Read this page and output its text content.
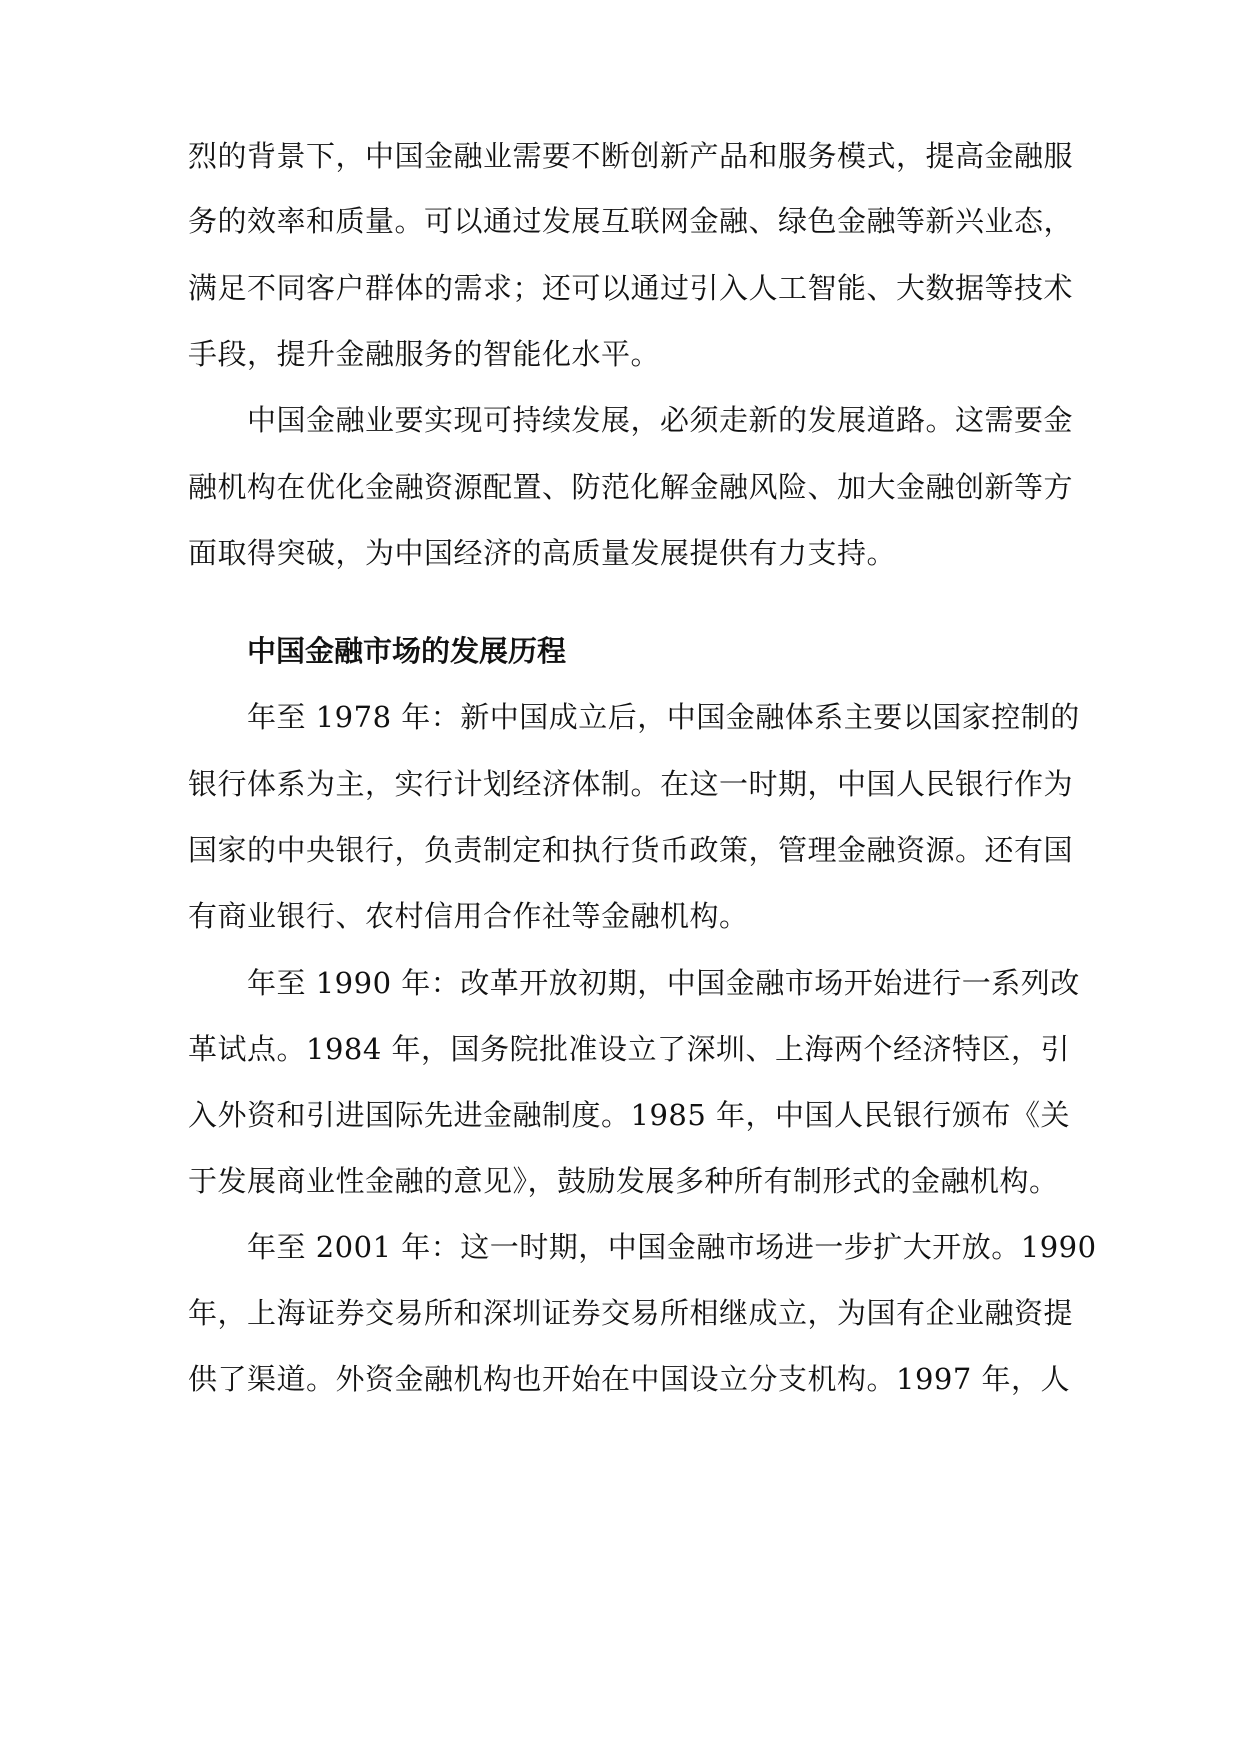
烈的背景下，中国金融业需要不断创新产品和服务模式，提高金融服
务的效率和质量。可以通过发展互联网金融、绿色金融等新兴业态，
满足不同客户群体的需求；还可以通过引入人工智能、大数据等技术
手段，提升金融服务的智能化水平。
中国金融业要实现可持续发展，必须走新的发展道路。这需要金
融机构在优化金融资源配置、防范化解金融风险、加大金融创新等方
面取得突破，为中国经济的高质量发展提供有力支持。
中国金融市场的发展历程
年至 1978 年：新中国成立后，中国金融体系主要以国家控制的
银行体系为主，实行计划经济体制。在这一时期，中国人民银行作为
国家的中央银行，负责制定和执行货币政策，管理金融资源。还有国
有商业银行、农村信用合作社等金融机构。
年至 1990 年：改革开放初期，中国金融市场开始进行一系列改
革试点。1984 年，国务院批准设立了深圳、上海两个经济特区，引
入外资和引进国际先进金融制度。1985 年，中国人民银行颁布《关
于发展商业性金融的意见》，鼓励发展多种所有制形式的金融机构。
年至 2001 年：这一时期，中国金融市场进一步扩大开放。1990
年，上海证券交易所和深圳证券交易所相继成立，为国有企业融资提
供了渠道。外资金融机构也开始在中国设立分支机构。1997 年，人
